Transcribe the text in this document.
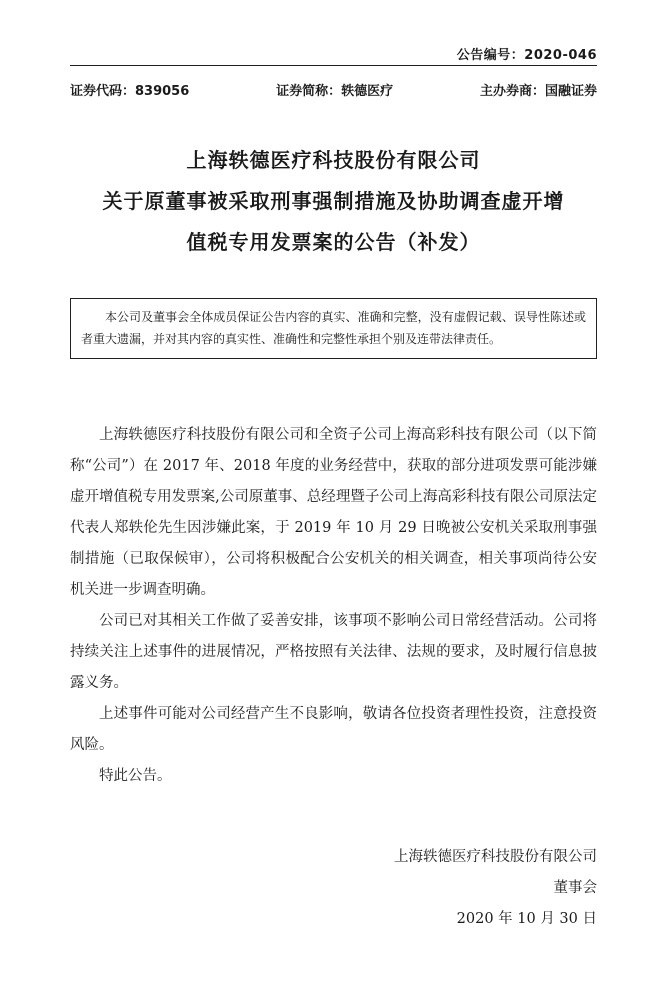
公告编号：2020-046
证券代码：839056	证券简称：轶德医疗	主办券商：国融证券
上海轶德医疗科技股份有限公司
关于原董事被采取刑事强制措施及协助调查虚开增
值税专用发票案的公告（补发）

本公司及董事会全体成员保证公告内容的真实、准确和完整，没有虚假记载、误导性陈述或者重大遗漏，并对其内容的真实性、准确性和完整性承担个别及连带法律责任。

上海轶德医疗科技股份有限公司和全资子公司上海高彩科技有限公司（以下简称“公司”）在 2017 年、2018 年度的业务经营中，获取的部分进项发票可能涉嫌虚开增值税专用发票案,公司原董事、总经理暨子公司上海高彩科技有限公司原法定代表人郑轶伦先生因涉嫌此案，于 2019 年 10 月 29 日晚被公安机关采取刑事强制措施（已取保候审），公司将积极配合公安机关的相关调查，相关事项尚待公安机关进一步调查明确。

公司已对其相关工作做了妥善安排，该事项不影响公司日常经营活动。公司将持续关注上述事件的进展情况，严格按照有关法律、法规的要求，及时履行信息披露义务。

上述事件可能对公司经营产生不良影响，敬请各位投资者理性投资，注意投资风险。

特此公告。

上海轶德医疗科技股份有限公司
董事会
2020 年 10 月 30 日
